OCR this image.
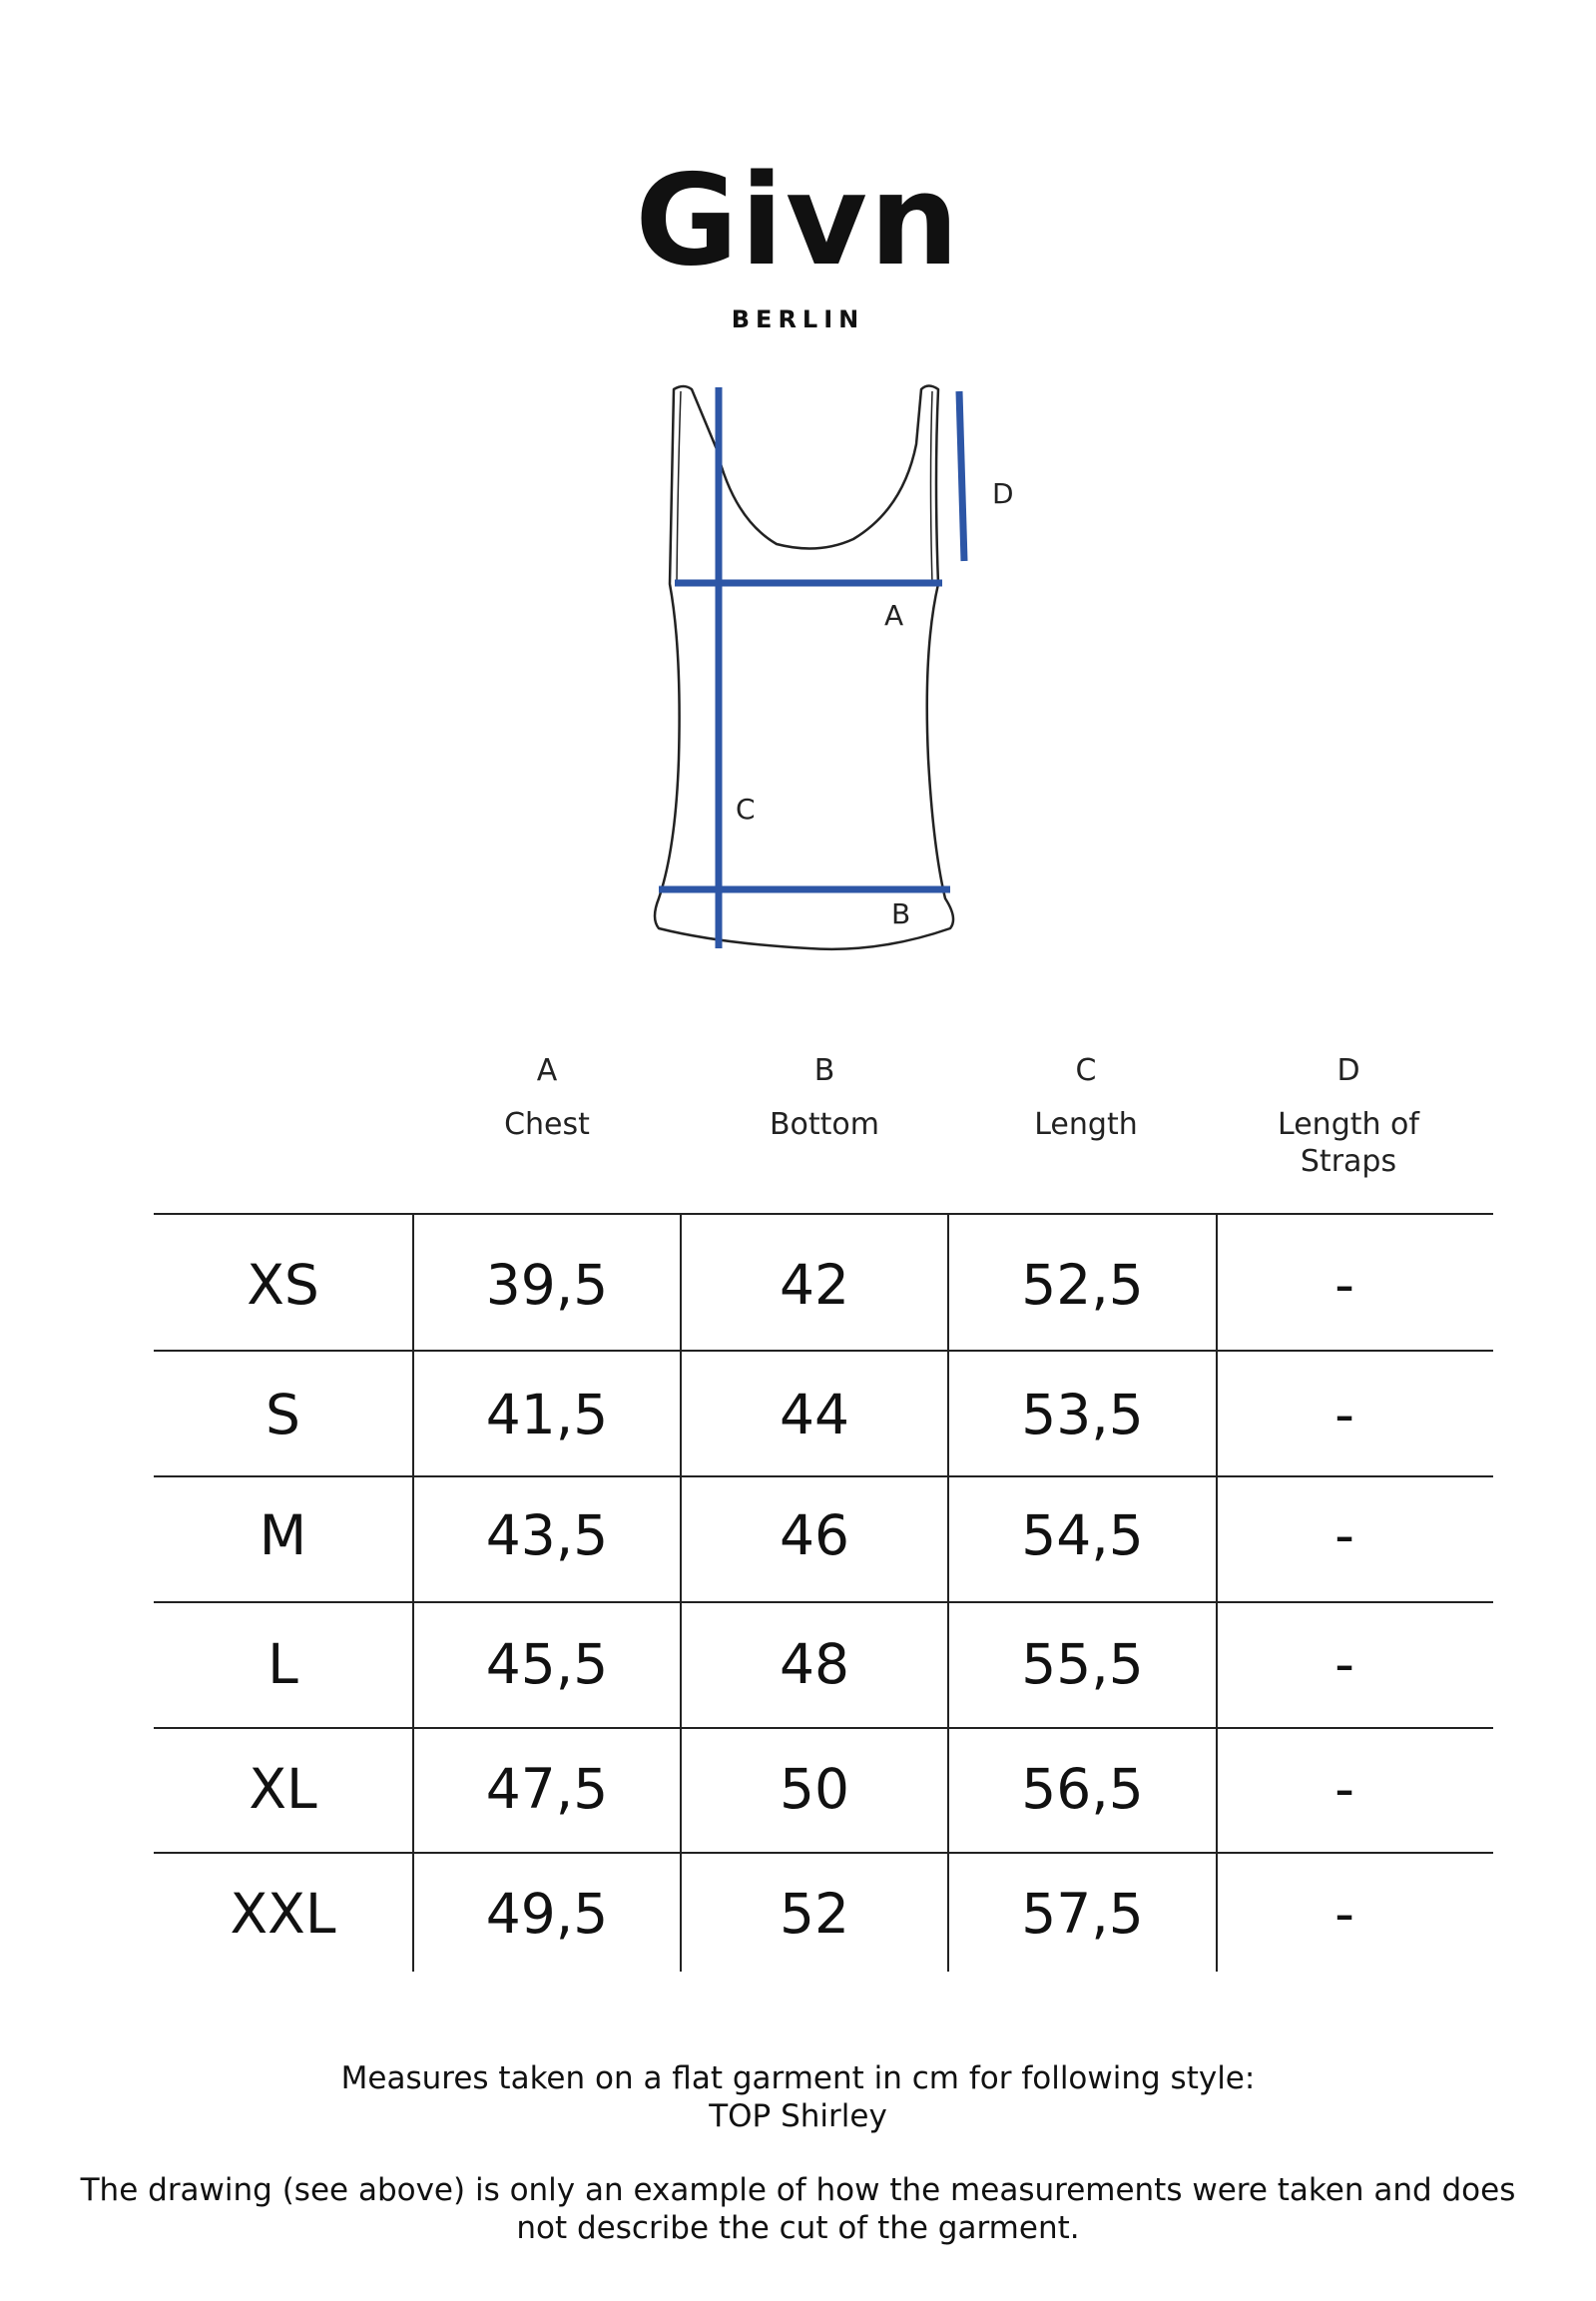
Givn
BERLIN
A
B
C
D
A
Chest
B
Bottom
C
Length
D
Length of Straps
XS	39,5	42	52,5	-
S	41,5	44	53,5	-
M	43,5	46	54,5	-
L	45,5	48	55,5	-
XL	47,5	50	56,5	-
XXL	49,5	52	57,5	-
Measures taken on a flat garment in cm for following style:
TOP Shirley
The drawing (see above) is only an example of how the measurements were taken and does
not describe the cut of the garment.
